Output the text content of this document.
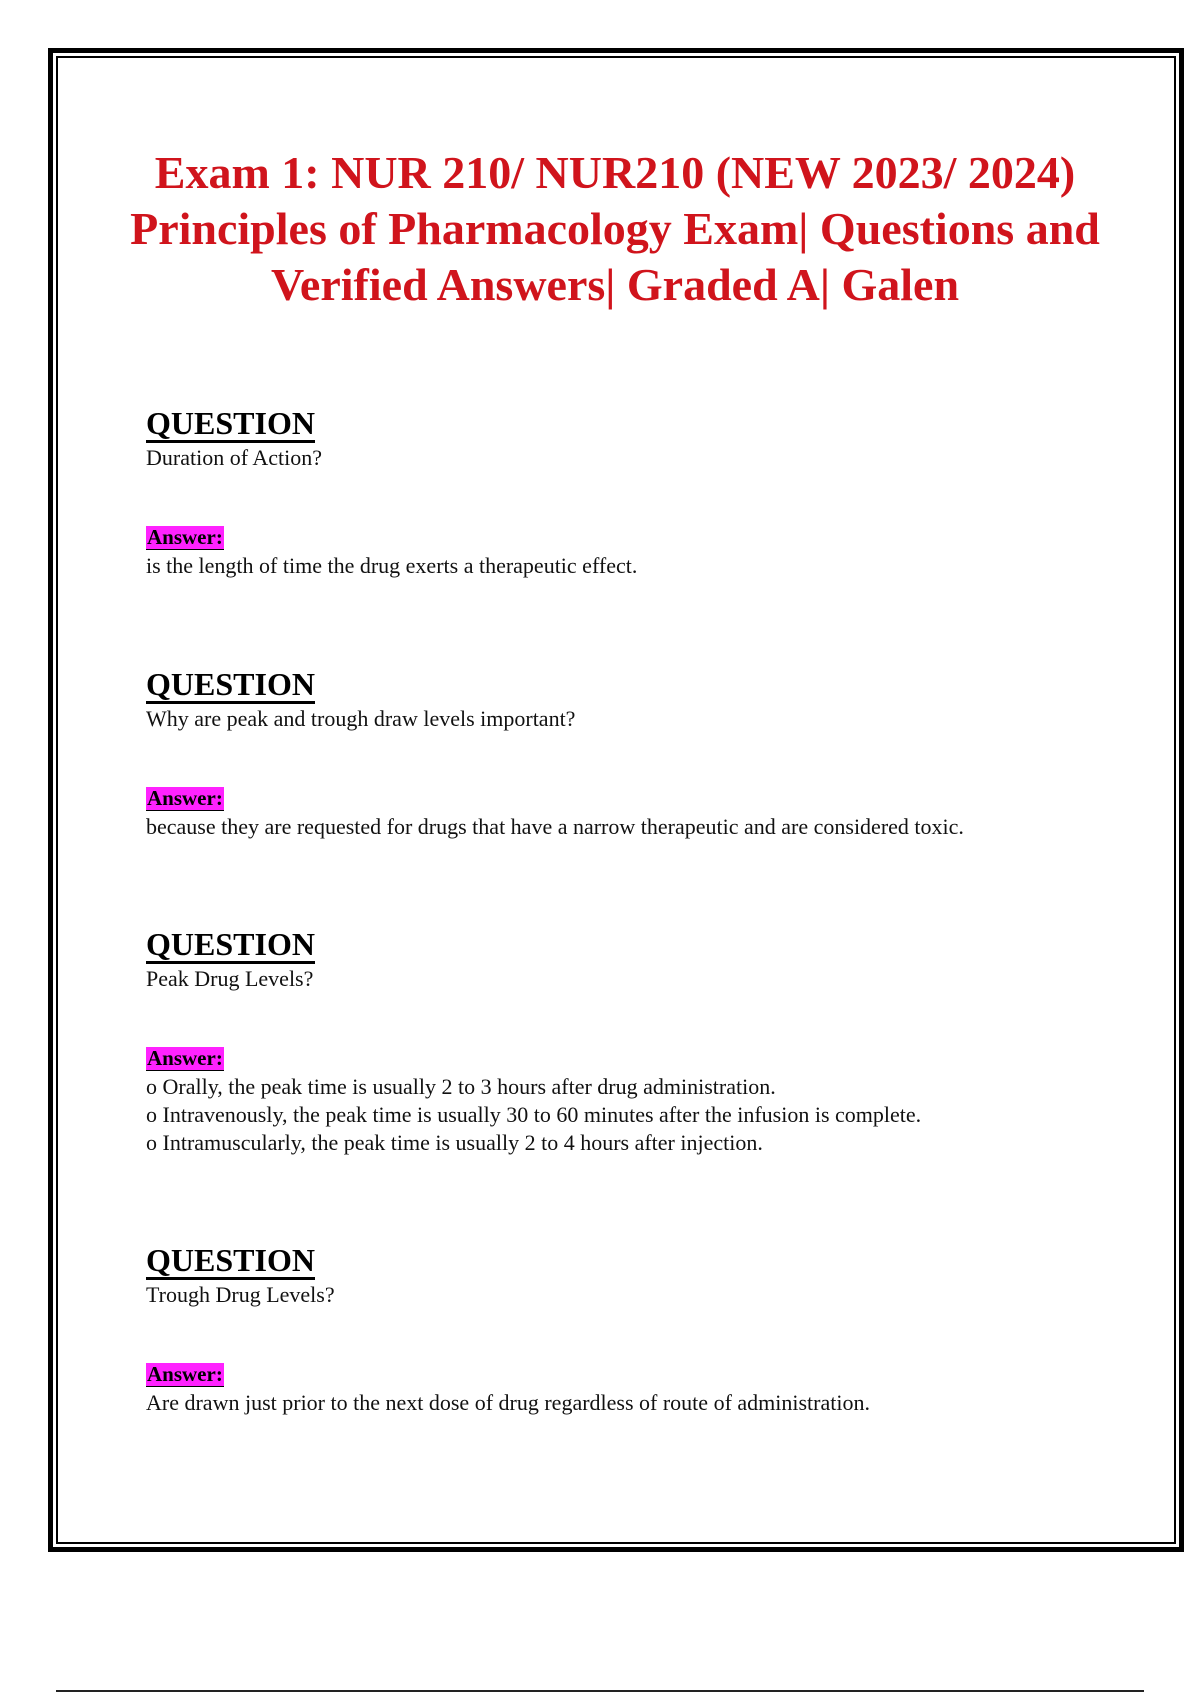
Exam 1: NUR 210/ NUR210 (NEW 2023/ 2024) Principles of Pharmacology Exam| Questions and Verified Answers| Graded A| Galen
QUESTION
Duration of Action?
Answer:
is the length of time the drug exerts a therapeutic effect.
QUESTION
Why are peak and trough draw levels important?
Answer:
because they are requested for drugs that have a narrow therapeutic and are considered toxic.
QUESTION
Peak Drug Levels?
Answer:
o Orally, the peak time is usually 2 to 3 hours after drug administration.
o Intravenously, the peak time is usually 30 to 60 minutes after the infusion is complete.
o Intramuscularly, the peak time is usually 2 to 4 hours after injection.
QUESTION
Trough Drug Levels?
Answer:
Are drawn just prior to the next dose of drug regardless of route of administration.
